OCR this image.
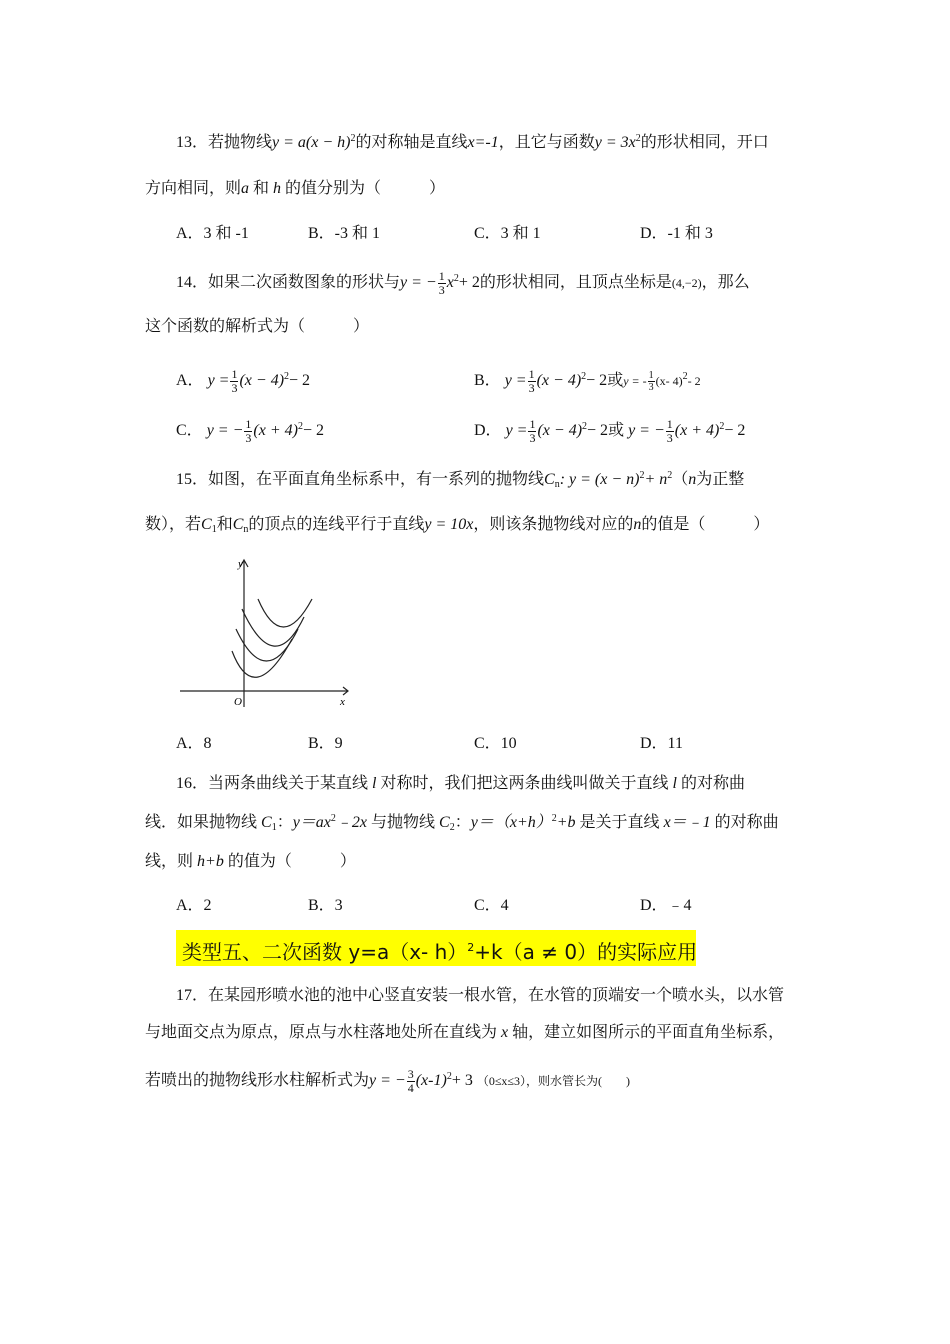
13．若抛物线$y = a(x - h)^2$的对称轴是直线x=-1，且它与函数$y = 3x^2$的形状相同，开口
方向相同，则a 和 h 的值分别为（　　　）
A．3 和 -1	B．-3 和 1	C．3 和 1	D．-1 和 3
14．如果二次函数图象的形状与y = − $\frac{1}{3} x^2+ 2$的形状相同，且顶点坐标是(4,−2)，那么
这个函数的解析式为（　　　）
A． $y = \frac{1}{3} (x - 4)^2- 2$	B． $y = \frac{1}{3} (x - 4)^2- 2$或y = - $\frac{1}{3} (x-$ 4)$^2$- 2
C． y = − $\frac{1}{3} (x + 4)^2- 2$	D． $y = \frac{1}{3} (x - 4)^2- 2$或 y = − $\frac{1}{3} (x + 4)^2- 2$
15．如图，在平面直角坐标系中，有一系列的抛物线$C_n$: $y = (x - n)^2+ n^2(n$为正整
数），若$C_1$和$C_n$的顶点的连线平行于直线y = 10x，则该条抛物线对应的n的值是（　　　）
y
x
O
A．8	B．9	C．10	D．11
16．当两条曲线关于某直线 l 对称时，我们把这两条曲线叫做关于直线 l 的对称曲
线．如果抛物线 $C_1$：$y=ax^2﹣2x$ 与抛物线 $C_2$：$y=(x+h)^2+b$ 是关于直线 x＝﹣1 的对称曲
线，则 h+b 的值为（　　　）
A．2	B．3	C．4	D．﹣4
类型五、二次函数 y=a（x- h）$^2$+k（a ≠ 0）的实际应用
17．在某园形喷水池的池中心竖直安装一根水管，在水管的顶端安一个喷水头，以水管
与地面交点为原点，原点与水柱落地处所在直线为 x 轴，建立如图所示的平面直角坐标系，
若喷出的抛物线形水柱解析式为y = − $\frac{3}{4} (x-1)^2+ 3$ （0≤x≤3），则水管长为(　　)
